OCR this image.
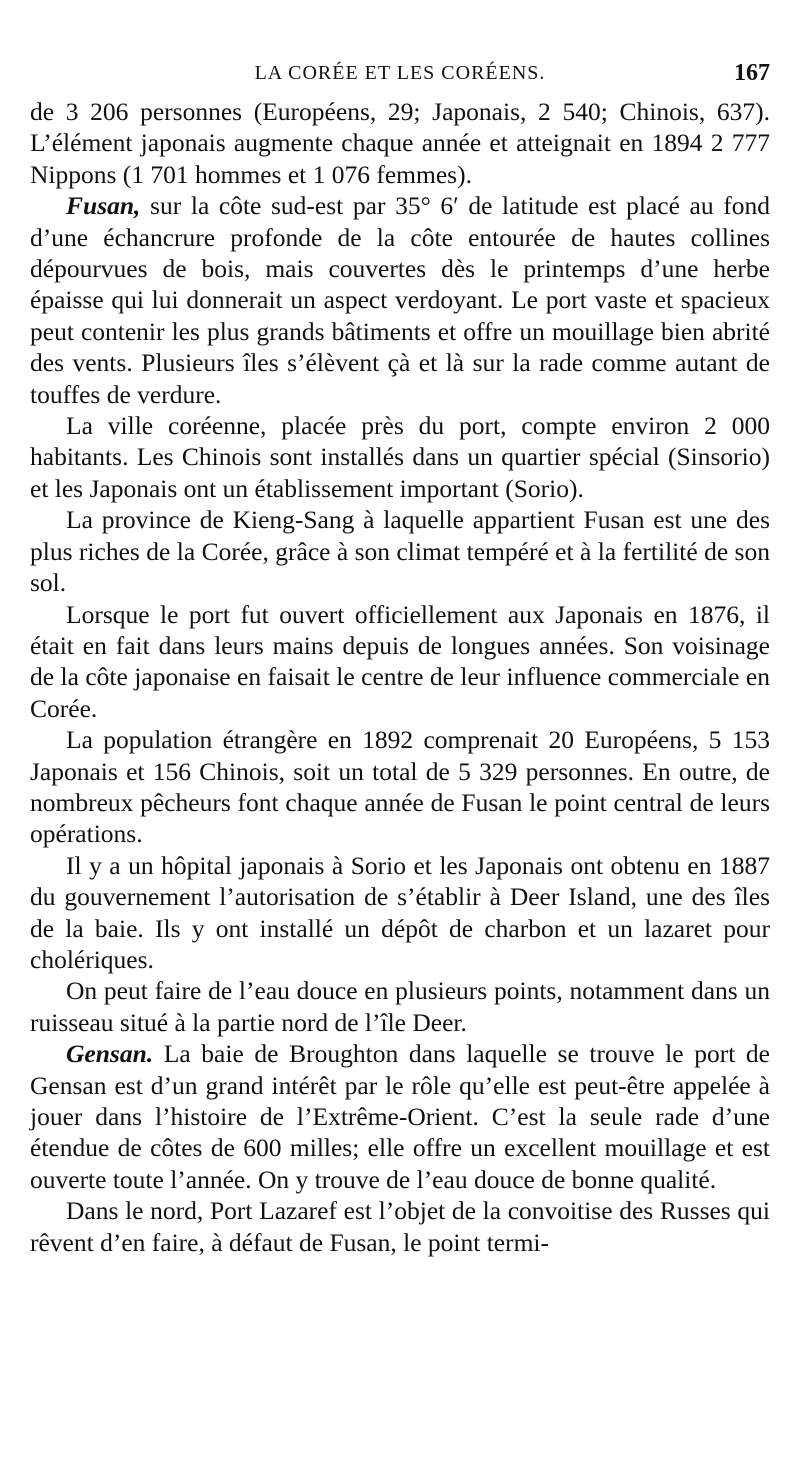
LA CORÉE ET LES CORÉENS.	167

de 3 206 personnes (Européens, 29; Japonais, 2 540; Chinois, 637). L’élément japonais augmente chaque année et atteignait en 1894 2 777 Nippons (1 701 hommes et 1 076 femmes).

Fusan, sur la côte sud-est par 35° 6′ de latitude est placé au fond d’une échancrure profonde de la côte entourée de hautes collines dépourvues de bois, mais couvertes dès le printemps d’une herbe épaisse qui lui donnerait un aspect verdoyant. Le port vaste et spacieux peut contenir les plus grands bâtiments et offre un mouillage bien abrité des vents. Plusieurs îles s’élèvent çà et là sur la rade comme autant de touffes de verdure.

La ville coréenne, placée près du port, compte environ 2 000 habitants. Les Chinois sont installés dans un quartier spécial (Sinsorio) et les Japonais ont un établissement important (Sorio).

La province de Kieng-Sang à laquelle appartient Fusan est une des plus riches de la Corée, grâce à son climat tempéré et à la fertilité de son sol.

Lorsque le port fut ouvert officiellement aux Japonais en 1876, il était en fait dans leurs mains depuis de longues années. Son voisinage de la côte japonaise en faisait le centre de leur influence commerciale en Corée.

La population étrangère en 1892 comprenait 20 Européens, 5 153 Japonais et 156 Chinois, soit un total de 5 329 personnes. En outre, de nombreux pêcheurs font chaque année de Fusan le point central de leurs opérations.

Il y a un hôpital japonais à Sorio et les Japonais ont obtenu en 1887 du gouvernement l’autorisation de s’établir à Deer Island, une des îles de la baie. Ils y ont installé un dépôt de charbon et un lazaret pour cholériques.

On peut faire de l’eau douce en plusieurs points, notamment dans un ruisseau situé à la partie nord de l’île Deer.

Gensan. La baie de Broughton dans laquelle se trouve le port de Gensan est d’un grand intérêt par le rôle qu’elle est peut-être appelée à jouer dans l’histoire de l’Extrême-Orient. C’est la seule rade d’une étendue de côtes de 600 milles; elle offre un excellent mouillage et est ouverte toute l’année. On y trouve de l’eau douce de bonne qualité.

Dans le nord, Port Lazaref est l’objet de la convoitise des Russes qui rêvent d’en faire, à défaut de Fusan, le point termi-
